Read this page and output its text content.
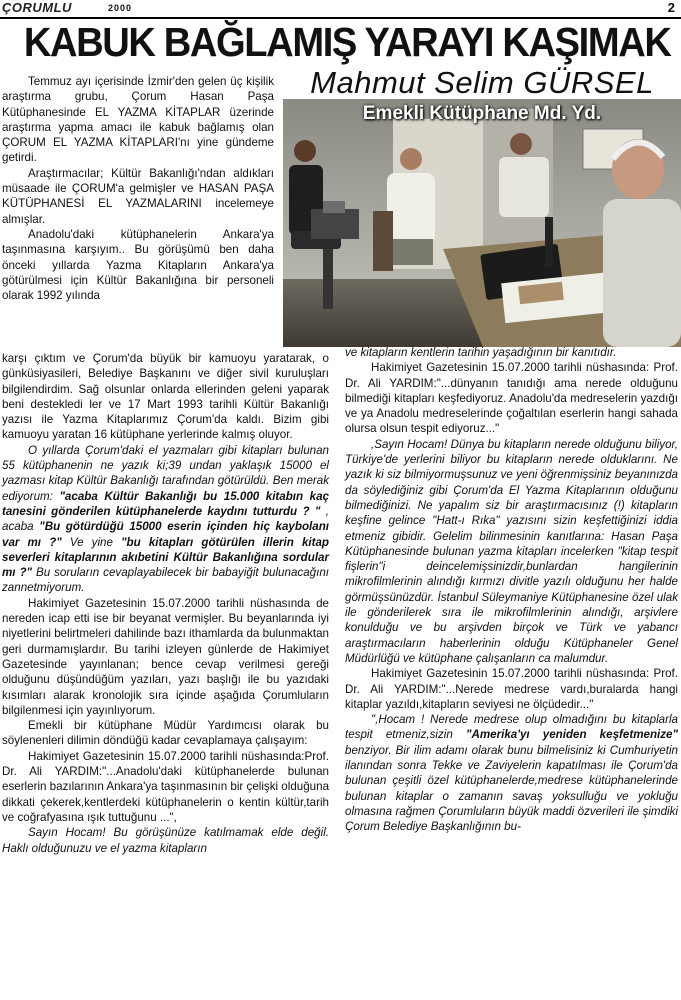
ÇORUMLU	2000	2
KABUK BAĞLAMIŞ YARAYI KAŞIMAK
Mahmut Selim GÜRSEL
Emekli Kütüphane Md. Yd.

Temmuz ayı içerisinde İzmir'den gelen üç kişilik araştırma grubu, Çorum Hasan Paşa Kütüphanesinde EL YAZMA KİTAPLAR üzerinde araştırma yapma amacı ile kabuk bağlamış olan ÇORUM EL YAZMA KİTAPLARI'nı yine gündeme getirdi.

Araştırmacılar; Kültür Bakanlığı'ndan aldıkları müsaade ile ÇORUM'a gelmişler ve HASAN PAŞA KÜTÜPHANESİ EL YAZMALARINI incelemeye almışlar.

Anadolu'daki kütüphanelerin Ankara'ya taşınmasına karşıyım.. Bu görüşümü ben daha önceki yıllarda Yazma Kitapların Ankara'ya götürülmesi için Kültür Bakanlığına bir personeli olarak 1992 yılında

karşı çıktım ve Çorum'da büyük bir kamuoyu yaratarak, o günküsiyasileri, Belediye Başkanını ve diğer sivil kuruluşları bilgilendirdim. Sağ olsunlar onlarda ellerinden geleni yaparak beni destekledi ler ve 17 Mart 1993 tarihli Kültür Bakanlığı yazısı ile Yazma Kitaplarımız Çorum'da kaldı. Bizim gibi kamuoyu yaratan 16 kütüphane yerlerinde kalmış oluyor.

O yıllarda Çorum'daki el yazmaları gibi kitapları bulunan 55 kütüphanenin ne yazık ki;39 undan yaklaşık 15000 el yazması kitap Kültür Bakanlığı tarafından götürüldü. Ben merak ediyorum: "acaba Kültür Bakanlığı bu 15.000 kitabın kaç tanesini gönderilen kütüphanelerde kaydını tutturdu ? " , acaba "Bu götürdüğü 15000 eserin içinden hiç kaybolanı var mı ?" Ve yine "bu kitapları götürülen illerin kitap severleri kitaplarının akıbetini Kültür Bakanlığına sordular mı ?" Bu soruların cevaplayabilecek bir babayiğit bulunacağını zannetmiyorum.

Hakimiyet Gazetesinin 15.07.2000 tarihli nüshasında de nereden icap etti ise bir beyanat vermişler. Bu beyanlarında iyi niyetlerini belirtmeleri dahilinde bazı ithamlarda da bulunmaktan geri durmamışlardır. Bu tarihi izleyen günlerde de Hakimiyet Gazetesinde yayınlanan; bence cevap verilmesi gereği olduğunu düşündüğüm yazıları, yazı başlığı ile bu yazıdaki kısımları alarak kronolojik sıra içinde aşağıda Çorumluların bilgilenmesi için yayınlıyorum.

Emekli bir kütüphane Müdür Yardımcısı olarak bu söylenenleri dilimin döndüğü kadar cevaplamaya çalışayım:

Hakimiyet Gazetesinin 15.07.2000 tarihli nüshasında:Prof. Dr. Ali YARDIM:"...Anadolu'daki kütüphanelerde bulunan eserlerin bazılarının Ankara'ya taşınmasının bir çelişki olduğuna dikkati çekerek,kentlerdeki kütüphanelerin o kentin kültür,tarih ve coğrafyasına ışık tuttuğunu ...",

Sayın Hocam! Bu görüşünüze katılmamak elde değil. Haklı olduğunuzu ve el yazma kitapların

ve kitapların kentlerin tarihin yaşadığının bir kanıtıdır.

Hakimiyet Gazetesinin 15.07.2000 tarihli nüshasında: Prof. Dr. Ali YARDIM:"...dünyanın tanıdığı ama nerede olduğunu bilmediği kitapları keşfediyoruz. Anadolu'da medreselerin yazdığı ve ya Anadolu medreselerinde çoğaltılan eserlerin hangi sahada olursa olsun tespit ediyoruz..."

,Sayın Hocam! Dünya bu kitapların nerede olduğunu biliyor, Türkiye'de yerlerini biliyor bu kitapların nerede olduklarını. Ne yazık ki siz bilmiyormuşsunuz ve yeni öğrenmişsiniz beyanınızda da söylediğiniz gibi Çorum'da El Yazma Kitaplarının olduğunu bilmediğinizi. Ne yapalım siz bir araştırmacısınız (!) kitapların keşfine gelince "Hatt-ı Rıka" yazısını sizin keşfettiğinizi iddia etmeniz gibidir. Gelelim bilinmesinin kanıtlarına: Hasan Paşa Kütüphanesinde bulunan yazma kitapları incelerken "kitap tespit fişlerin"i deincelemişsinizdir,bunlardan hangilerinin mikrofilmlerinin alındığı kırmızı divitle yazılı olduğunu her halde görmüşsünüzdür. İstanbul Süleymaniye Kütüphanesine özel ulak ile gönderilerek sıra ile mikrofilmlerinin alındığı, arşivlere konulduğu ve bu arşivden birçok ve Türk ve yabancı araştırmacıların haberlerinin olduğu Kütüphaneler Genel Müdürlüğü ve kütüphane çalışanların ca malumdur.

Hakimiyet Gazetesinin 15.07.2000 tarihli nüshasında: Prof. Dr. Ali YARDIM:"...Nerede medrese vardı,buralarda hangi kitaplar yazıldı,kitapların seviyesi ne ölçüdedir..."

",Hocam ! Nerede medrese olup olmadığını bu kitaplarla tespit etmeniz,sizin "Amerika'yı yeniden keşfetmenize" benziyor. Bir ilim adamı olarak bunu bilmelisiniz ki Cumhuriyetin ilanından sonra Tekke ve Zaviyelerin kapatılması ile Çorum'da bulunan çeşitli özel kütüphanelerde,medrese kütüphanelerinde bulunan kitaplar o zamanın savaş yoksulluğu ve yokluğu olmasına rağmen Çorumluların büyük maddi özverileri ile şimdiki Çorum Belediye Başkanlığının bu-
